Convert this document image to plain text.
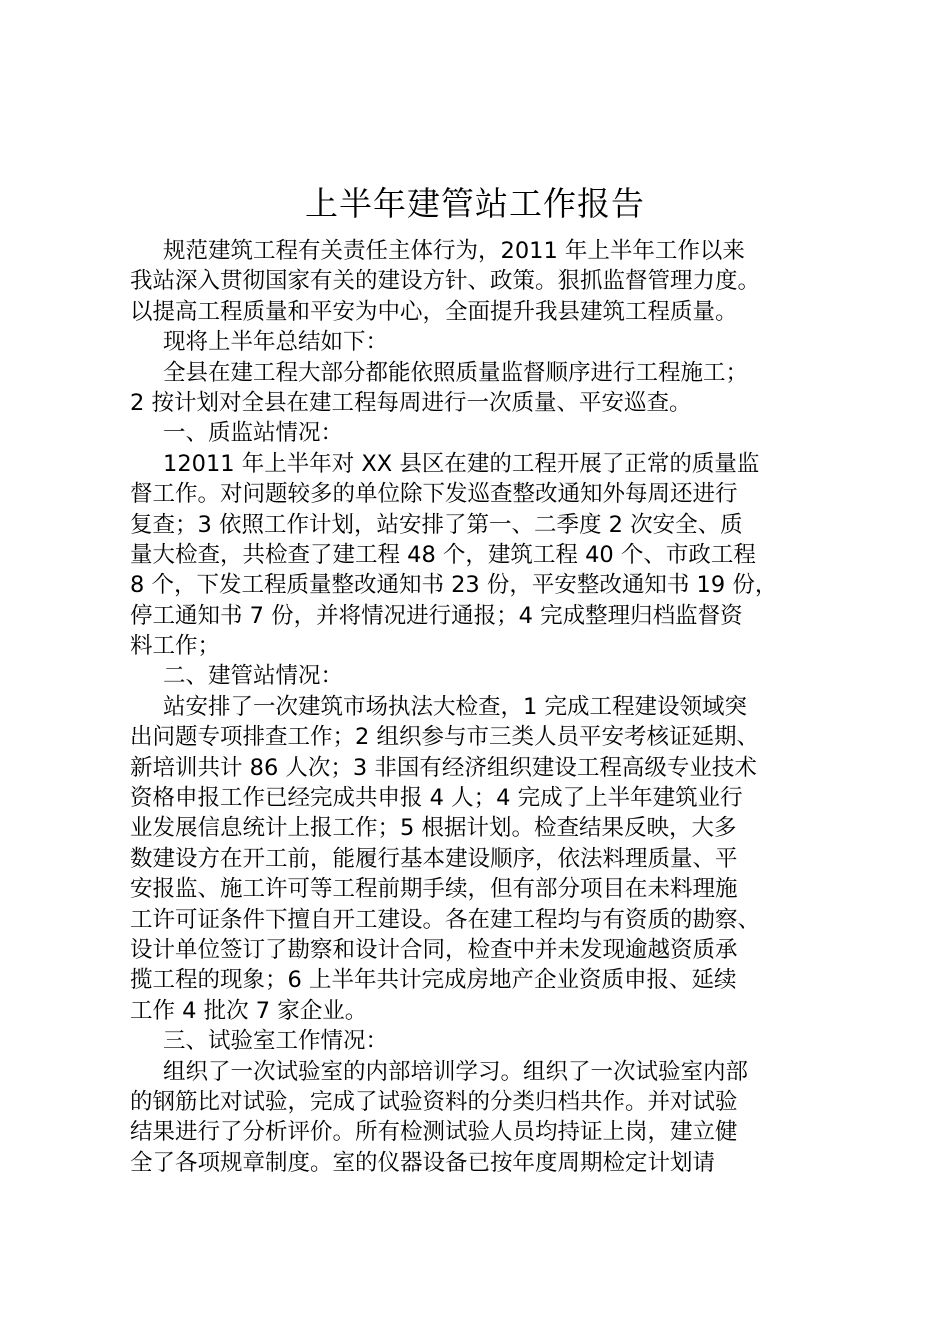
上半年建管站工作报告
规范建筑工程有关责任主体行为，2011 年上半年工作以来
我站深入贯彻国家有关的建设方针、政策。狠抓监督管理力度。
以提高工程质量和平安为中心，全面提升我县建筑工程质量。
现将上半年总结如下：
全县在建工程大部分都能依照质量监督顺序进行工程施工；
2 按计划对全县在建工程每周进行一次质量、平安巡查。
一、质监站情况：
12011 年上半年对 XX 县区在建的工程开展了正常的质量监
督工作。对问题较多的单位除下发巡查整改通知外每周还进行
复查；3 依照工作计划，站安排了第一、二季度 2 次安全、质
量大检查，共检查了建工程 48 个，建筑工程 40 个、市政工程
8 个，下发工程质量整改通知书 23 份，平安整改通知书 19 份，
停工通知书 7 份，并将情况进行通报；4 完成整理归档监督资
料工作；
二、建管站情况：
站安排了一次建筑市场执法大检查，1 完成工程建设领域突
出问题专项排查工作；2 组织参与市三类人员平安考核证延期、
新培训共计 86 人次；3 非国有经济组织建设工程高级专业技术
资格申报工作已经完成共申报 4 人；4 完成了上半年建筑业行
业发展信息统计上报工作；5 根据计划。检查结果反映，大多
数建设方在开工前，能履行基本建设顺序，依法料理质量、平
安报监、施工许可等工程前期手续，但有部分项目在未料理施
工许可证条件下擅自开工建设。各在建工程均与有资质的勘察、
设计单位签订了勘察和设计合同，检查中并未发现逾越资质承
揽工程的现象；6 上半年共计完成房地产企业资质申报、延续
工作 4 批次 7 家企业。
三、试验室工作情况：
组织了一次试验室的内部培训学习。组织了一次试验室内部
的钢筋比对试验，完成了试验资料的分类归档共作。并对试验
结果进行了分析评价。所有检测试验人员均持证上岗，建立健
全了各项规章制度。室的仪器设备已按年度周期检定计划请
